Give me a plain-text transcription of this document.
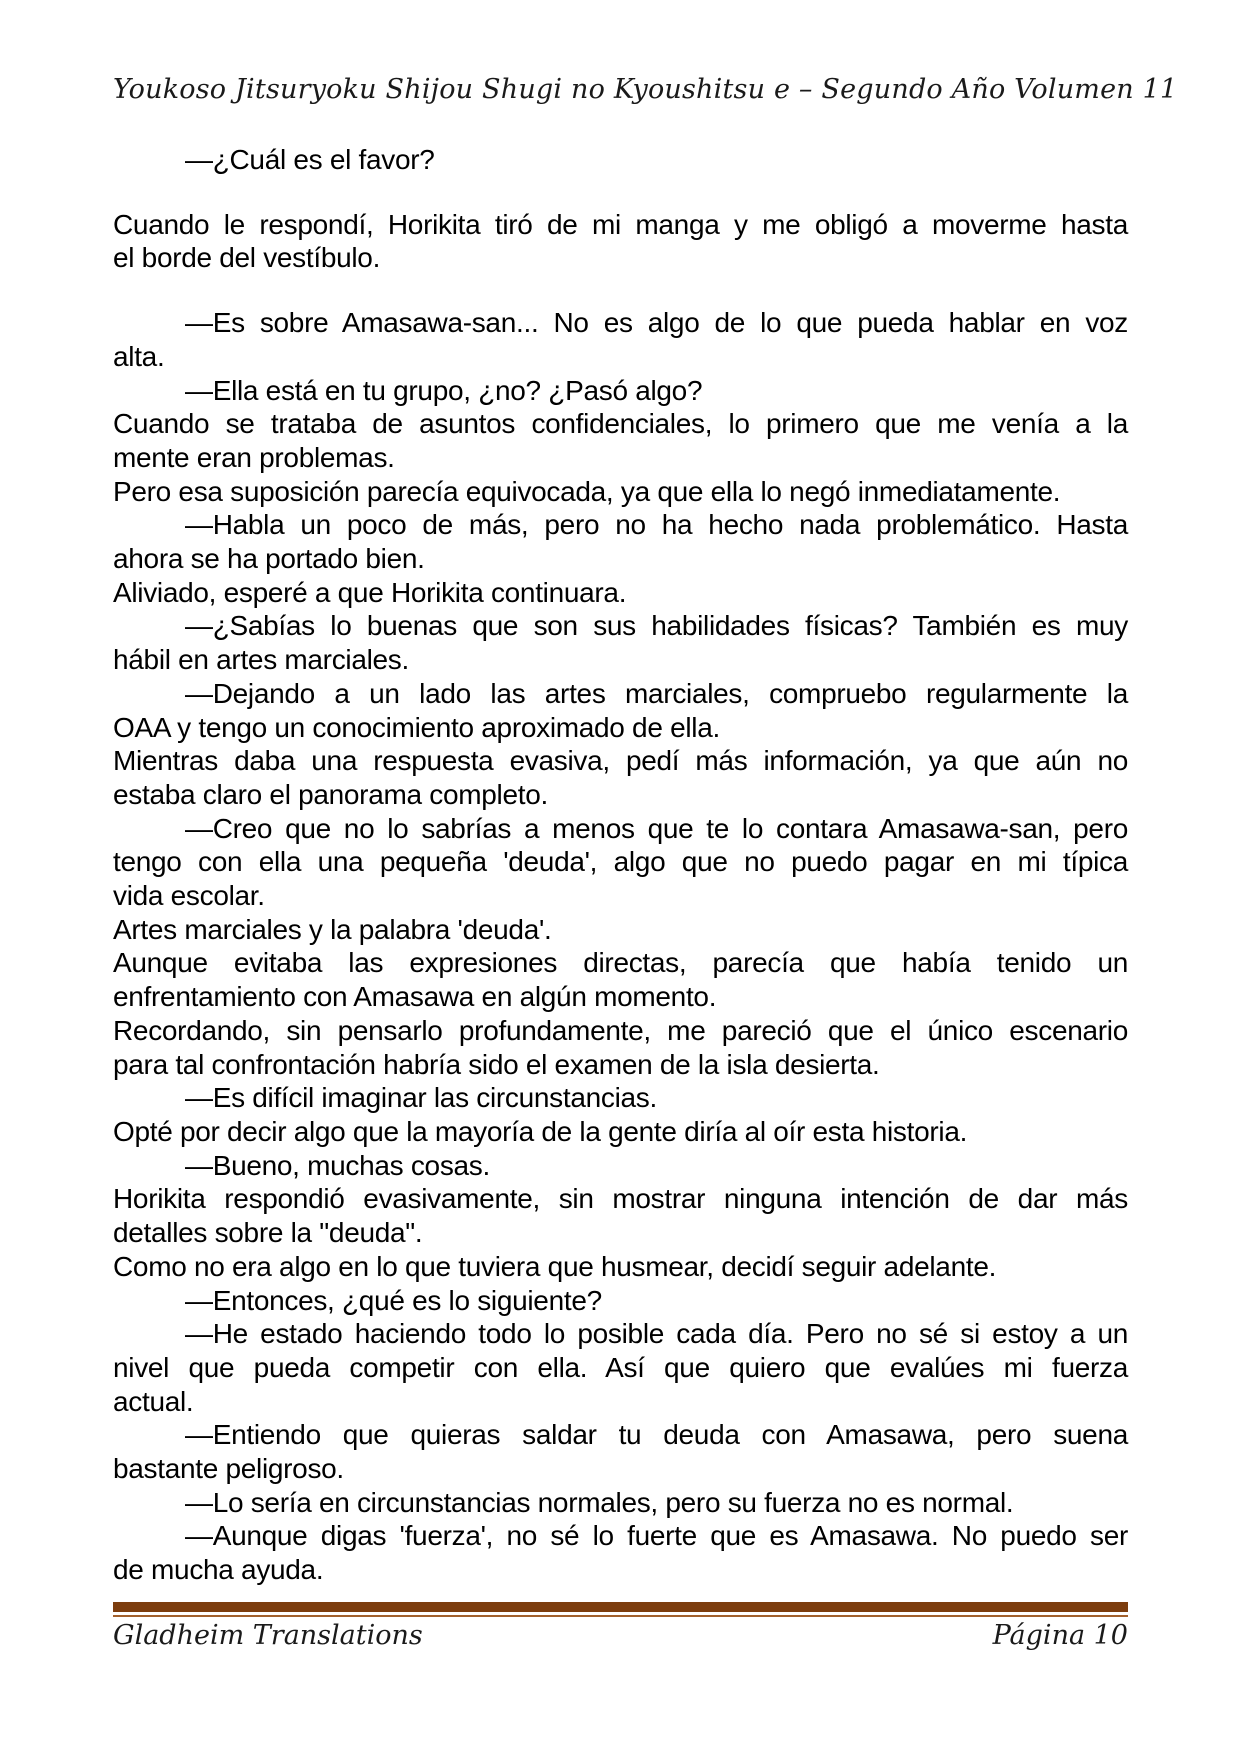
Youkoso Jitsuryoku Shijou Shugi no Kyoushitsu e – Segundo Año Volumen 11
—¿Cuál es el favor?
Cuando le respondí, Horikita tiró de mi manga y me obligó a moverme hasta
el borde del vestíbulo.
—Es sobre Amasawa-san... No es algo de lo que pueda hablar en voz
alta.
—Ella está en tu grupo, ¿no? ¿Pasó algo?
Cuando se trataba de asuntos confidenciales, lo primero que me venía a la
mente eran problemas.
Pero esa suposición parecía equivocada, ya que ella lo negó inmediatamente.
—Habla un poco de más, pero no ha hecho nada problemático. Hasta
ahora se ha portado bien.
Aliviado, esperé a que Horikita continuara.
—¿Sabías lo buenas que son sus habilidades físicas? También es muy
hábil en artes marciales.
—Dejando a un lado las artes marciales, compruebo regularmente la
OAA y tengo un conocimiento aproximado de ella.
Mientras daba una respuesta evasiva, pedí más información, ya que aún no
estaba claro el panorama completo.
—Creo que no lo sabrías a menos que te lo contara Amasawa-san, pero
tengo con ella una pequeña 'deuda', algo que no puedo pagar en mi típica
vida escolar.
Artes marciales y la palabra 'deuda'.
Aunque evitaba las expresiones directas, parecía que había tenido un
enfrentamiento con Amasawa en algún momento.
Recordando, sin pensarlo profundamente, me pareció que el único escenario
para tal confrontación habría sido el examen de la isla desierta.
—Es difícil imaginar las circunstancias.
Opté por decir algo que la mayoría de la gente diría al oír esta historia.
—Bueno, muchas cosas.
Horikita respondió evasivamente, sin mostrar ninguna intención de dar más
detalles sobre la "deuda".
Como no era algo en lo que tuviera que husmear, decidí seguir adelante.
—Entonces, ¿qué es lo siguiente?
—He estado haciendo todo lo posible cada día. Pero no sé si estoy a un
nivel que pueda competir con ella. Así que quiero que evalúes mi fuerza
actual.
—Entiendo que quieras saldar tu deuda con Amasawa, pero suena
bastante peligroso.
—Lo sería en circunstancias normales, pero su fuerza no es normal.
—Aunque digas 'fuerza', no sé lo fuerte que es Amasawa. No puedo ser
de mucha ayuda.
Gladheim Translations	Página 10
